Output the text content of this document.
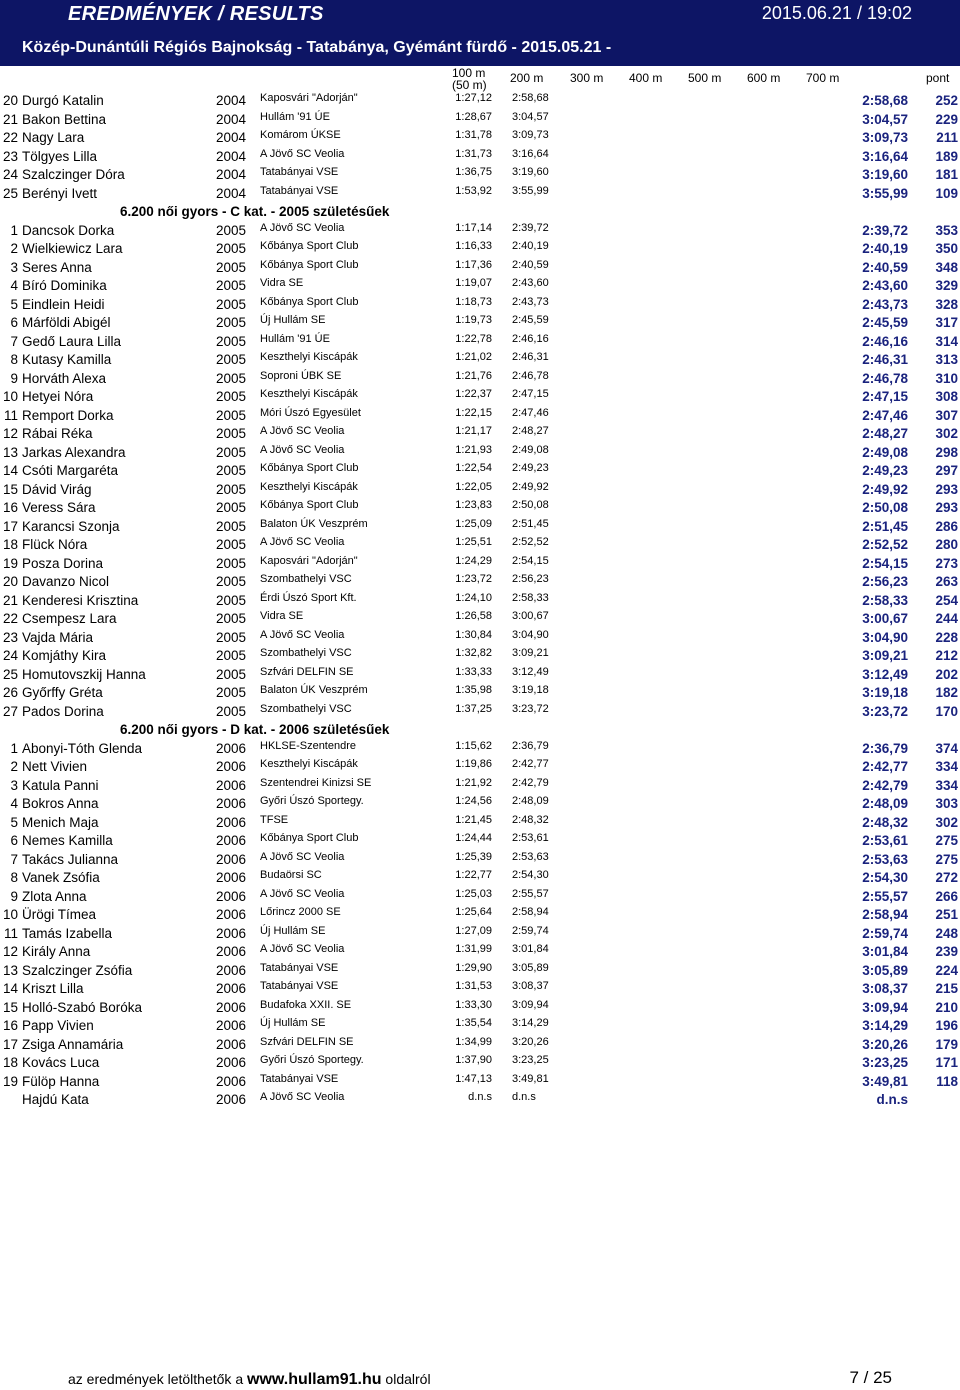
EREDMÉNYEK / RESULTS	2015.06.21 / 19:02
Közép-Dunántúli Régiós Bajnokság - Tatabánya, Gyémánt fürdő - 2015.05.21 -
100 m
(50 m) 200 m 300 m 400 m 500 m 600 m 700 m	pont
20 Durgó Katalin	2004 Kaposvári "Adorján"	1:27,12 2:58,68	2:58,68 252
21 Bakon Bettina	2004 Hullám '91 ÚE	1:28,67 3:04,57	3:04,57 229
22 Nagy Lara	2004 Komárom ÚKSE	1:31,78 3:09,73	3:09,73 211
23 Tölgyes Lilla	2004 A Jövő SC Veolia	1:31,73 3:16,64	3:16,64 189
24 Szalczinger Dóra	2004 Tatabányai VSE	1:36,75 3:19,60	3:19,60 181
25 Berényi Ivett	2004 Tatabányai VSE	1:53,92 3:55,99	3:55,99 109
6.200 női gyors - C kat. - 2005 születésűek
1 Dancsok Dorka	2005 A Jövő SC Veolia	1:17,14 2:39,72	2:39,72 353
2 Wielkiewicz Lara	2005 Kőbánya Sport Club	1:16,33 2:40,19	2:40,19 350
3 Seres Anna	2005 Kőbánya Sport Club	1:17,36 2:40,59	2:40,59 348
4 Bíró Dominika	2005 Vidra SE	1:19,07 2:43,60	2:43,60 329
5 Eindlein Heidi	2005 Kőbánya Sport Club	1:18,73 2:43,73	2:43,73 328
6 Márföldi Abigél	2005 Új Hullám SE	1:19,73 2:45,59	2:45,59 317
7 Gedő Laura Lilla	2005 Hullám '91 ÚE	1:22,78 2:46,16	2:46,16 314
8 Kutasy Kamilla	2005 Keszthelyi Kiscápák	1:21,02 2:46,31	2:46,31 313
9 Horváth Alexa	2005 Soproni ÚBK SE	1:21,76 2:46,78	2:46,78 310
10 Hetyei Nóra	2005 Keszthelyi Kiscápák	1:22,37 2:47,15	2:47,15 308
11 Remport Dorka	2005 Móri Úszó Egyesület	1:22,15 2:47,46	2:47,46 307
12 Rábai Réka	2005 A Jövő SC Veolia	1:21,17 2:48,27	2:48,27 302
13 Jarkas Alexandra	2005 A Jövő SC Veolia	1:21,93 2:49,08	2:49,08 298
14 Csóti Margaréta	2005 Kőbánya Sport Club	1:22,54 2:49,23	2:49,23 297
15 Dávid Virág	2005 Keszthelyi Kiscápák	1:22,05 2:49,92	2:49,92 293
16 Veress Sára	2005 Kőbánya Sport Club	1:23,83 2:50,08	2:50,08 293
17 Karancsi Szonja	2005 Balaton ÚK Veszprém	1:25,09 2:51,45	2:51,45 286
18 Flück Nóra	2005 A Jövő SC Veolia	1:25,51 2:52,52	2:52,52 280
19 Posza Dorina	2005 Kaposvári "Adorján"	1:24,29 2:54,15	2:54,15 273
20 Davanzo Nicol	2005 Szombathelyi VSC	1:23,72 2:56,23	2:56,23 263
21 Kenderesi Krisztina	2005 Érdi Úszó Sport Kft.	1:24,10 2:58,33	2:58,33 254
22 Csempesz Lara	2005 Vidra SE	1:26,58 3:00,67	3:00,67 244
23 Vajda Mária	2005 A Jövő SC Veolia	1:30,84 3:04,90	3:04,90 228
24 Komjáthy Kira	2005 Szombathelyi VSC	1:32,82 3:09,21	3:09,21 212
25 Homutovszkij Hanna	2005 Szfvári DELFIN SE	1:33,33 3:12,49	3:12,49 202
26 Győrffy Gréta	2005 Balaton ÚK Veszprém	1:35,98 3:19,18	3:19,18 182
27 Pados Dorina	2005 Szombathelyi VSC	1:37,25 3:23,72	3:23,72 170
6.200 női gyors - D kat. - 2006 születésűek
1 Abonyi-Tóth Glenda	2006 HKLSE-Szentendre	1:15,62 2:36,79	2:36,79 374
2 Nett Vivien	2006 Keszthelyi Kiscápák	1:19,86 2:42,77	2:42,77 334
3 Katula Panni	2006 Szentendrei Kinizsi SE	1:21,92 2:42,79	2:42,79 334
4 Bokros Anna	2006 Győri Úszó Sportegy.	1:24,56 2:48,09	2:48,09 303
5 Menich Maja	2006 TFSE	1:21,45 2:48,32	2:48,32 302
6 Nemes Kamilla	2006 Kőbánya Sport Club	1:24,44 2:53,61	2:53,61 275
7 Takács Julianna	2006 A Jövő SC Veolia	1:25,39 2:53,63	2:53,63 275
8 Vanek Zsófia	2006 Budaörsi SC	1:22,77 2:54,30	2:54,30 272
9 Zlota Anna	2006 A Jövő SC Veolia	1:25,03 2:55,57	2:55,57 266
10 Ürögi Tímea	2006 Lőrincz 2000 SE	1:25,64 2:58,94	2:58,94 251
11 Tamás Izabella	2006 Új Hullám SE	1:27,09 2:59,74	2:59,74 248
12 Király Anna	2006 A Jövő SC Veolia	1:31,99 3:01,84	3:01,84 239
13 Szalczinger Zsófia	2006 Tatabányai VSE	1:29,90 3:05,89	3:05,89 224
14 Kriszt Lilla	2006 Tatabányai VSE	1:31,53 3:08,37	3:08,37 215
15 Holló-Szabó Boróka	2006 Budafoka XXII. SE	1:33,30 3:09,94	3:09,94 210
16 Papp Vivien	2006 Új Hullám SE	1:35,54 3:14,29	3:14,29 196
17 Zsiga Annamária	2006 Szfvári DELFIN SE	1:34,99 3:20,26	3:20,26 179
18 Kovács Luca	2006 Győri Úszó Sportegy.	1:37,90 3:23,25	3:23,25 171
19 Fülöp Hanna	2006 Tatabányai VSE	1:47,13 3:49,81	3:49,81 118
Hajdú Kata	2006 A Jövő SC Veolia	d.n.s d.n.s	d.n.s
az eredmények letölthetők a www.hullam91.hu oldalról	7 / 25
